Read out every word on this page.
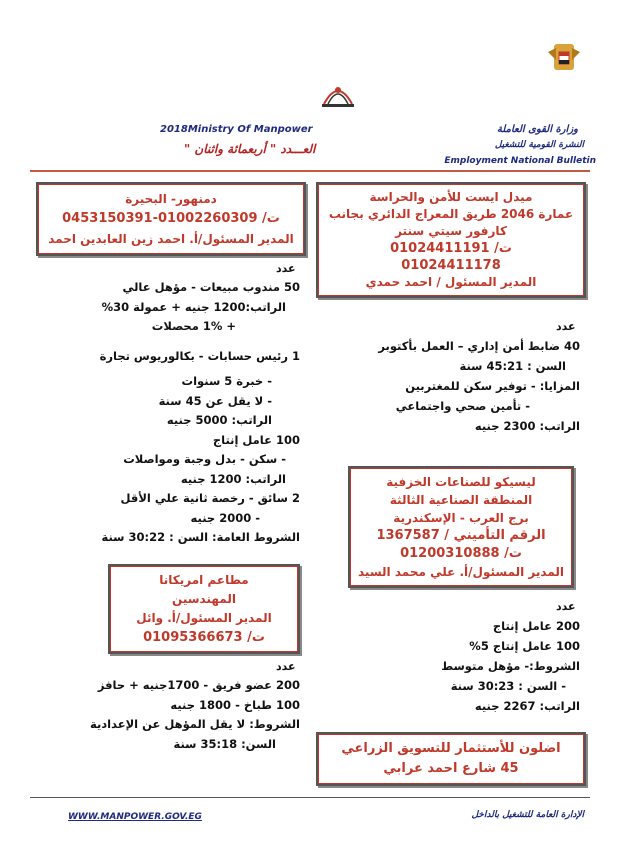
وزارة القوى العاملة
النشرة القومية للتشغيل
Employment National Bulletin
2018Ministry Of Manpower
العـــدد " أربعمائة واثنان "
ميدل ايست للأمن والحراسة
عمارة 2046 طريق المعراج الدائري بجانب
كارفور سيتي سنتر
ت/ 01024411191
01024411178
المدير المسئول / احمد حمدي
عدد
40 ضابط أمن إداري – العمل بأكتوبر
السن : 45:21 سنة
المزايا: - توفير سكن للمغتربين
- تأمين صحي واجتماعي
الراتب: 2300 جنيه
ليسيكو للصناعات الخزفية
المنطقة الصناعية الثالثة
برج العرب - الإسكندرية
الرقم التأميني / 1367587
ت/ 01200310888
المدير المسئول/أ. علي محمد السيد
عدد
200 عامل إنتاج
100 عامل إنتاج 5%
الشروط:- مؤهل متوسط
- السن : 30:23 سنة
الراتب: 2267 جنيه
اضلون للأستثمار للتسويق الزراعي
45 شارع احمد عرابي
دمنهور- البحيرة
ت/ 01002260309-0453150391
المدير المسئول/أ. احمد زين العابدين احمد
عدد
50 مندوب مبيعات - مؤهل عالي
الراتب:1200 جنيه + عمولة 30%
+ 1% محصلات
1 رئيس حسابات - بكالوريوس تجارة
- خبرة 5 سنوات
- لا يقل عن 45 سنة
الراتب: 5000 جنيه
100 عامل إنتاج
- سكن - بدل وجبة ومواصلات
الراتب: 1200 جنيه
2 سائق - رخصة ثانية علي الأقل
- 2000 جنيه
الشروط العامة: السن : 30:22 سنة
مطاعم امريكانا
المهندسين
المدير المسئول/أ. وائل
ت/ 01095366673
عدد
200 عضو فريق - 1700جنيه + حافز
100 طباخ - 1800 جنيه
الشروط: لا يقل المؤهل عن الإعدادية
السن: 35:18 سنة
WWW.MANPOWER.GOV.EG	الإدارة العامة للتشغيل بالداخل
